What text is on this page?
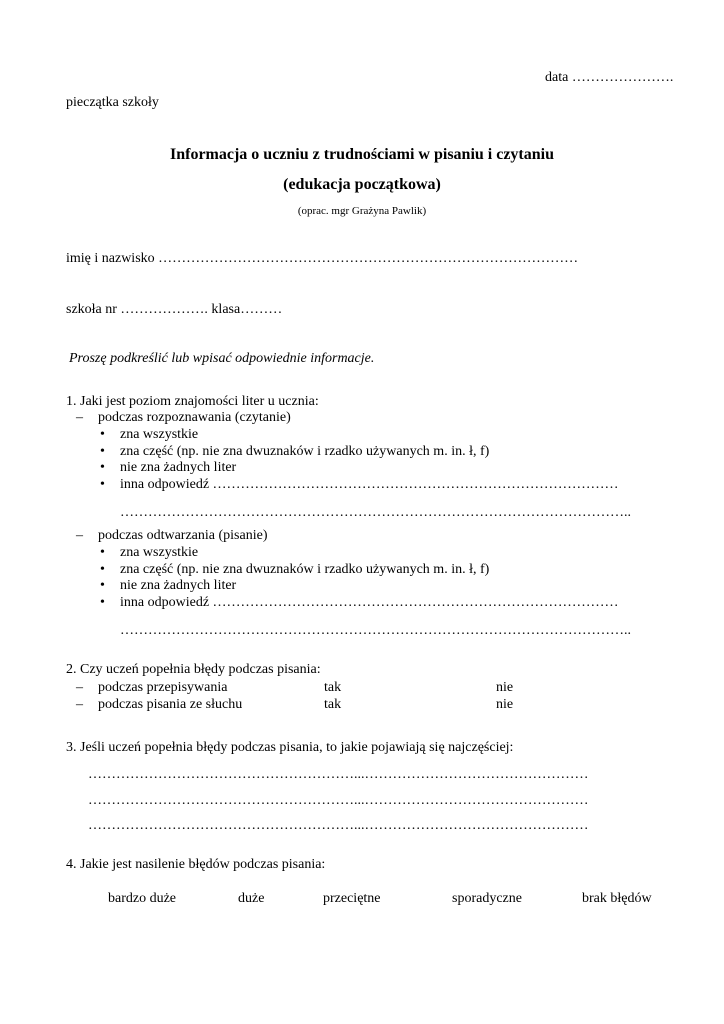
data ………………….
pieczątka szkoły
Informacja o uczniu z trudnościami w pisaniu i czytaniu
(edukacja początkowa)
(oprac. mgr Grażyna Pawlik)
imię i nazwisko ………………………………………………………………………………
szkoła nr ………………. klasa………
Proszę podkreślić lub wpisać odpowiednie informacje.
1. Jaki jest poziom znajomości liter u ucznia:
– podczas rozpoznawania (czytanie)
• zna wszystkie
• zna część (np. nie zna dwuznaków i rzadko używanych m. in. ł, f)
• nie zna żadnych liter
• inna odpowiedź ……………………………………………………………………………
………………………………………………………………………………………………..
– podczas odtwarzania (pisanie)
• zna wszystkie
• zna część (np. nie zna dwuznaków i rzadko używanych m. in. ł, f)
• nie zna żadnych liter
• inna odpowiedź ……………………………………………………………………………
………………………………………………………………………………………………..
2. Czy uczeń popełnia błędy podczas pisania:
– podczas przepisywania	tak	nie
– podczas pisania ze słuchu	tak	nie
3. Jeśli uczeń popełnia błędy podczas pisania, to jakie pojawiają się najczęściej:
…………………………………………………...…………………………………………
…………………………………………………...…………………………………………
…………………………………………………...…………………………………………
4. Jakie jest nasilenie błędów podczas pisania:
bardzo duże	duże	przeciętne	sporadyczne	brak błędów
